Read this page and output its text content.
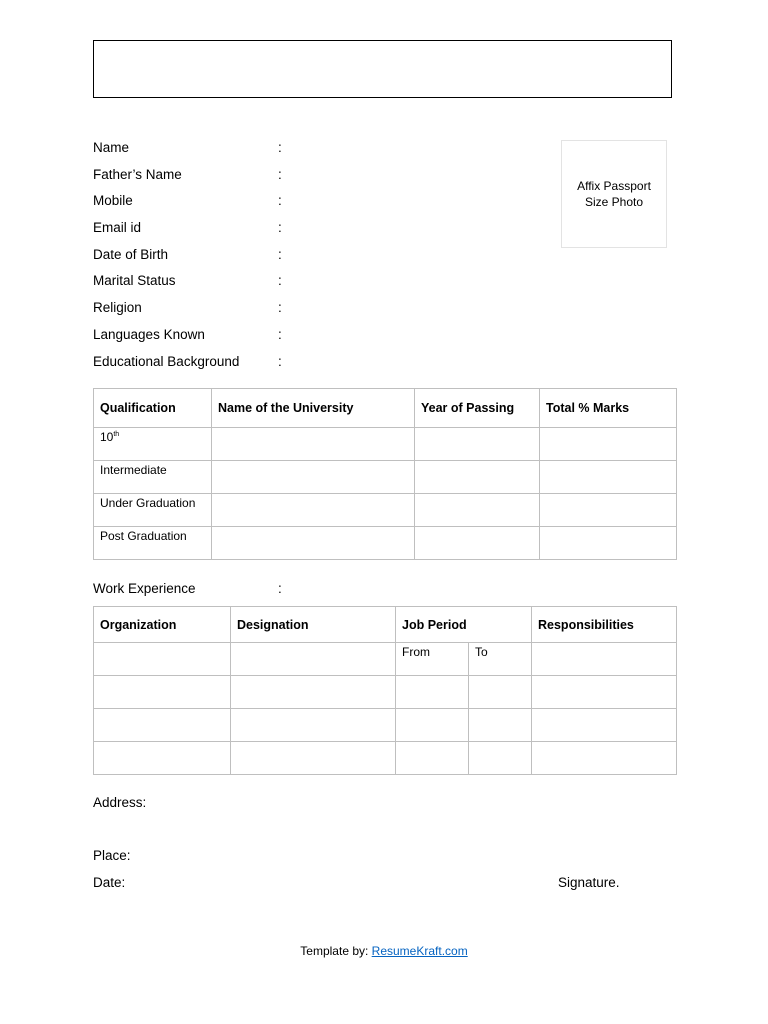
Name	:
Father’s Name	:
Mobile	:
Email id	:
Date of Birth	:
Marital Status	:
Religion	:
Languages Known	:
Educational Background	:
Affix Passport
Size Photo
Qualification	Name of the University	Year of Passing	Total % Marks
10th			
Intermediate			
Under Graduation			
Post Graduation			
Work Experience	:
Organization	Designation	Job Period		Responsibilities
		From	To	

Address:
Place:
Date:	Signature.
Template by: ResumeKraft.com
